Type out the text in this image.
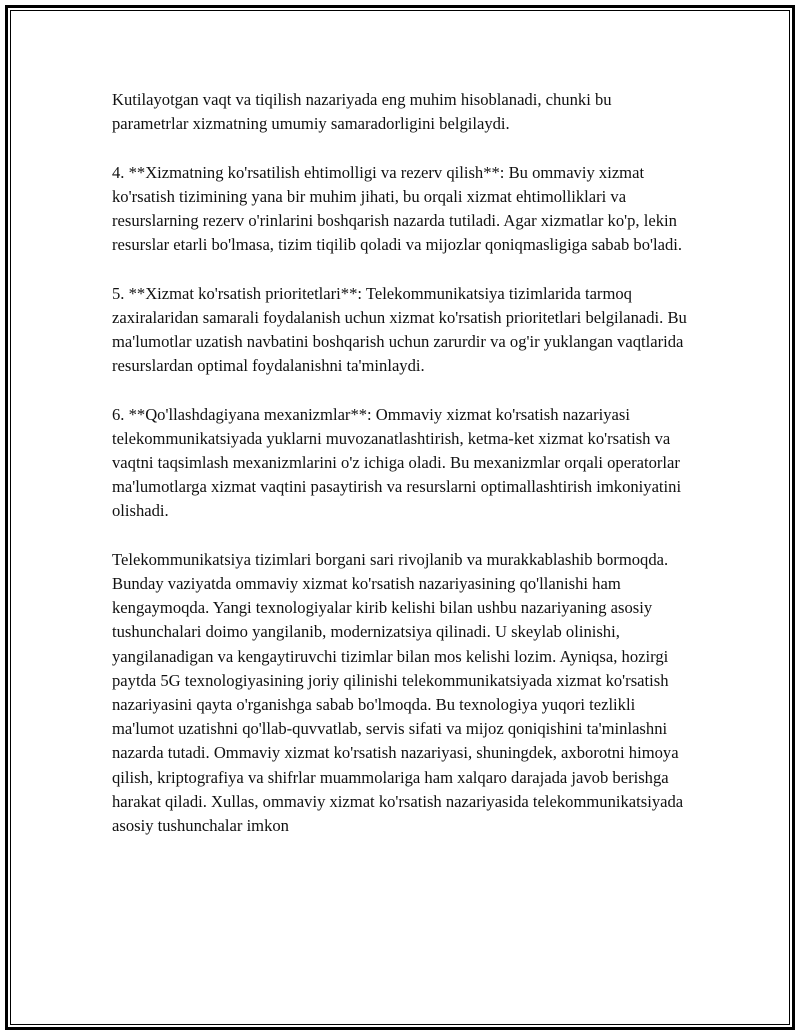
Kutilayotgan vaqt va tiqilish nazariyada eng muhim hisoblanadi, chunki bu parametrlar xizmatning umumiy samaradorligini belgilaydi.

4. **Xizmatning ko'rsatilish ehtimolligi va rezerv qilish**: Bu ommaviy xizmat ko'rsatish tizimining yana bir muhim jihati, bu orqali xizmat ehtimolliklari va resurslarning rezerv o'rinlarini boshqarish nazarda tutiladi. Agar xizmatlar ko'p, lekin resurslar etarli bo'lmasa, tizim tiqilib qoladi va mijozlar qoniqmasligiga sabab bo'ladi.

5. **Xizmat ko'rsatish prioritetlari**: Telekommunikatsiya tizimlarida tarmoq zaxiralaridan samarali foydalanish uchun xizmat ko'rsatish prioritetlari belgilanadi. Bu ma'lumotlar uzatish navbatini boshqarish uchun zarurdir va og'ir yuklangan vaqtlarida resurslardan optimal foydalanishni ta'minlaydi.

6. **Qo'llashdagiyana mexanizmlar**: Ommaviy xizmat ko'rsatish nazariyasi telekommunikatsiyada yuklarni muvozanatlashtirish, ketma-ket xizmat ko'rsatish va vaqtni taqsimlash mexanizmlarini o'z ichiga oladi. Bu mexanizmlar orqali operatorlar ma'lumotlarga xizmat vaqtini pasaytirish va resurslarni optimallashtirish imkoniyatini olishadi.

Telekommunikatsiya tizimlari borgani sari rivojlanib va murakkablashib bormoqda. Bunday vaziyatda ommaviy xizmat ko'rsatish nazariyasining qo'llanishi ham kengaymoqda. Yangi texnologiyalar kirib kelishi bilan ushbu nazariyaning asosiy tushunchalari doimo yangilanib, modernizatsiya qilinadi. U skeylab olinishi, yangilanadigan va kengaytiruvchi tizimlar bilan mos kelishi lozim. Ayniqsa, hozirgi paytda 5G texnologiyasining joriy qilinishi telekommunikatsiyada xizmat ko'rsatish nazariyasini qayta o'rganishga sabab bo'lmoqda. Bu texnologiya yuqori tezlikli ma'lumot uzatishni qo'llab-quvvatlab, servis sifati va mijoz qoniqishini ta'minlashni nazarda tutadi. Ommaviy xizmat ko'rsatish nazariyasi, shuningdek, axborotni himoya qilish, kriptografiya va shifrlar muammolariga ham xalqaro darajada javob berishga harakat qiladi. Xullas, ommaviy xizmat ko'rsatish nazariyasida telekommunikatsiyada asosiy tushunchalar imkon
